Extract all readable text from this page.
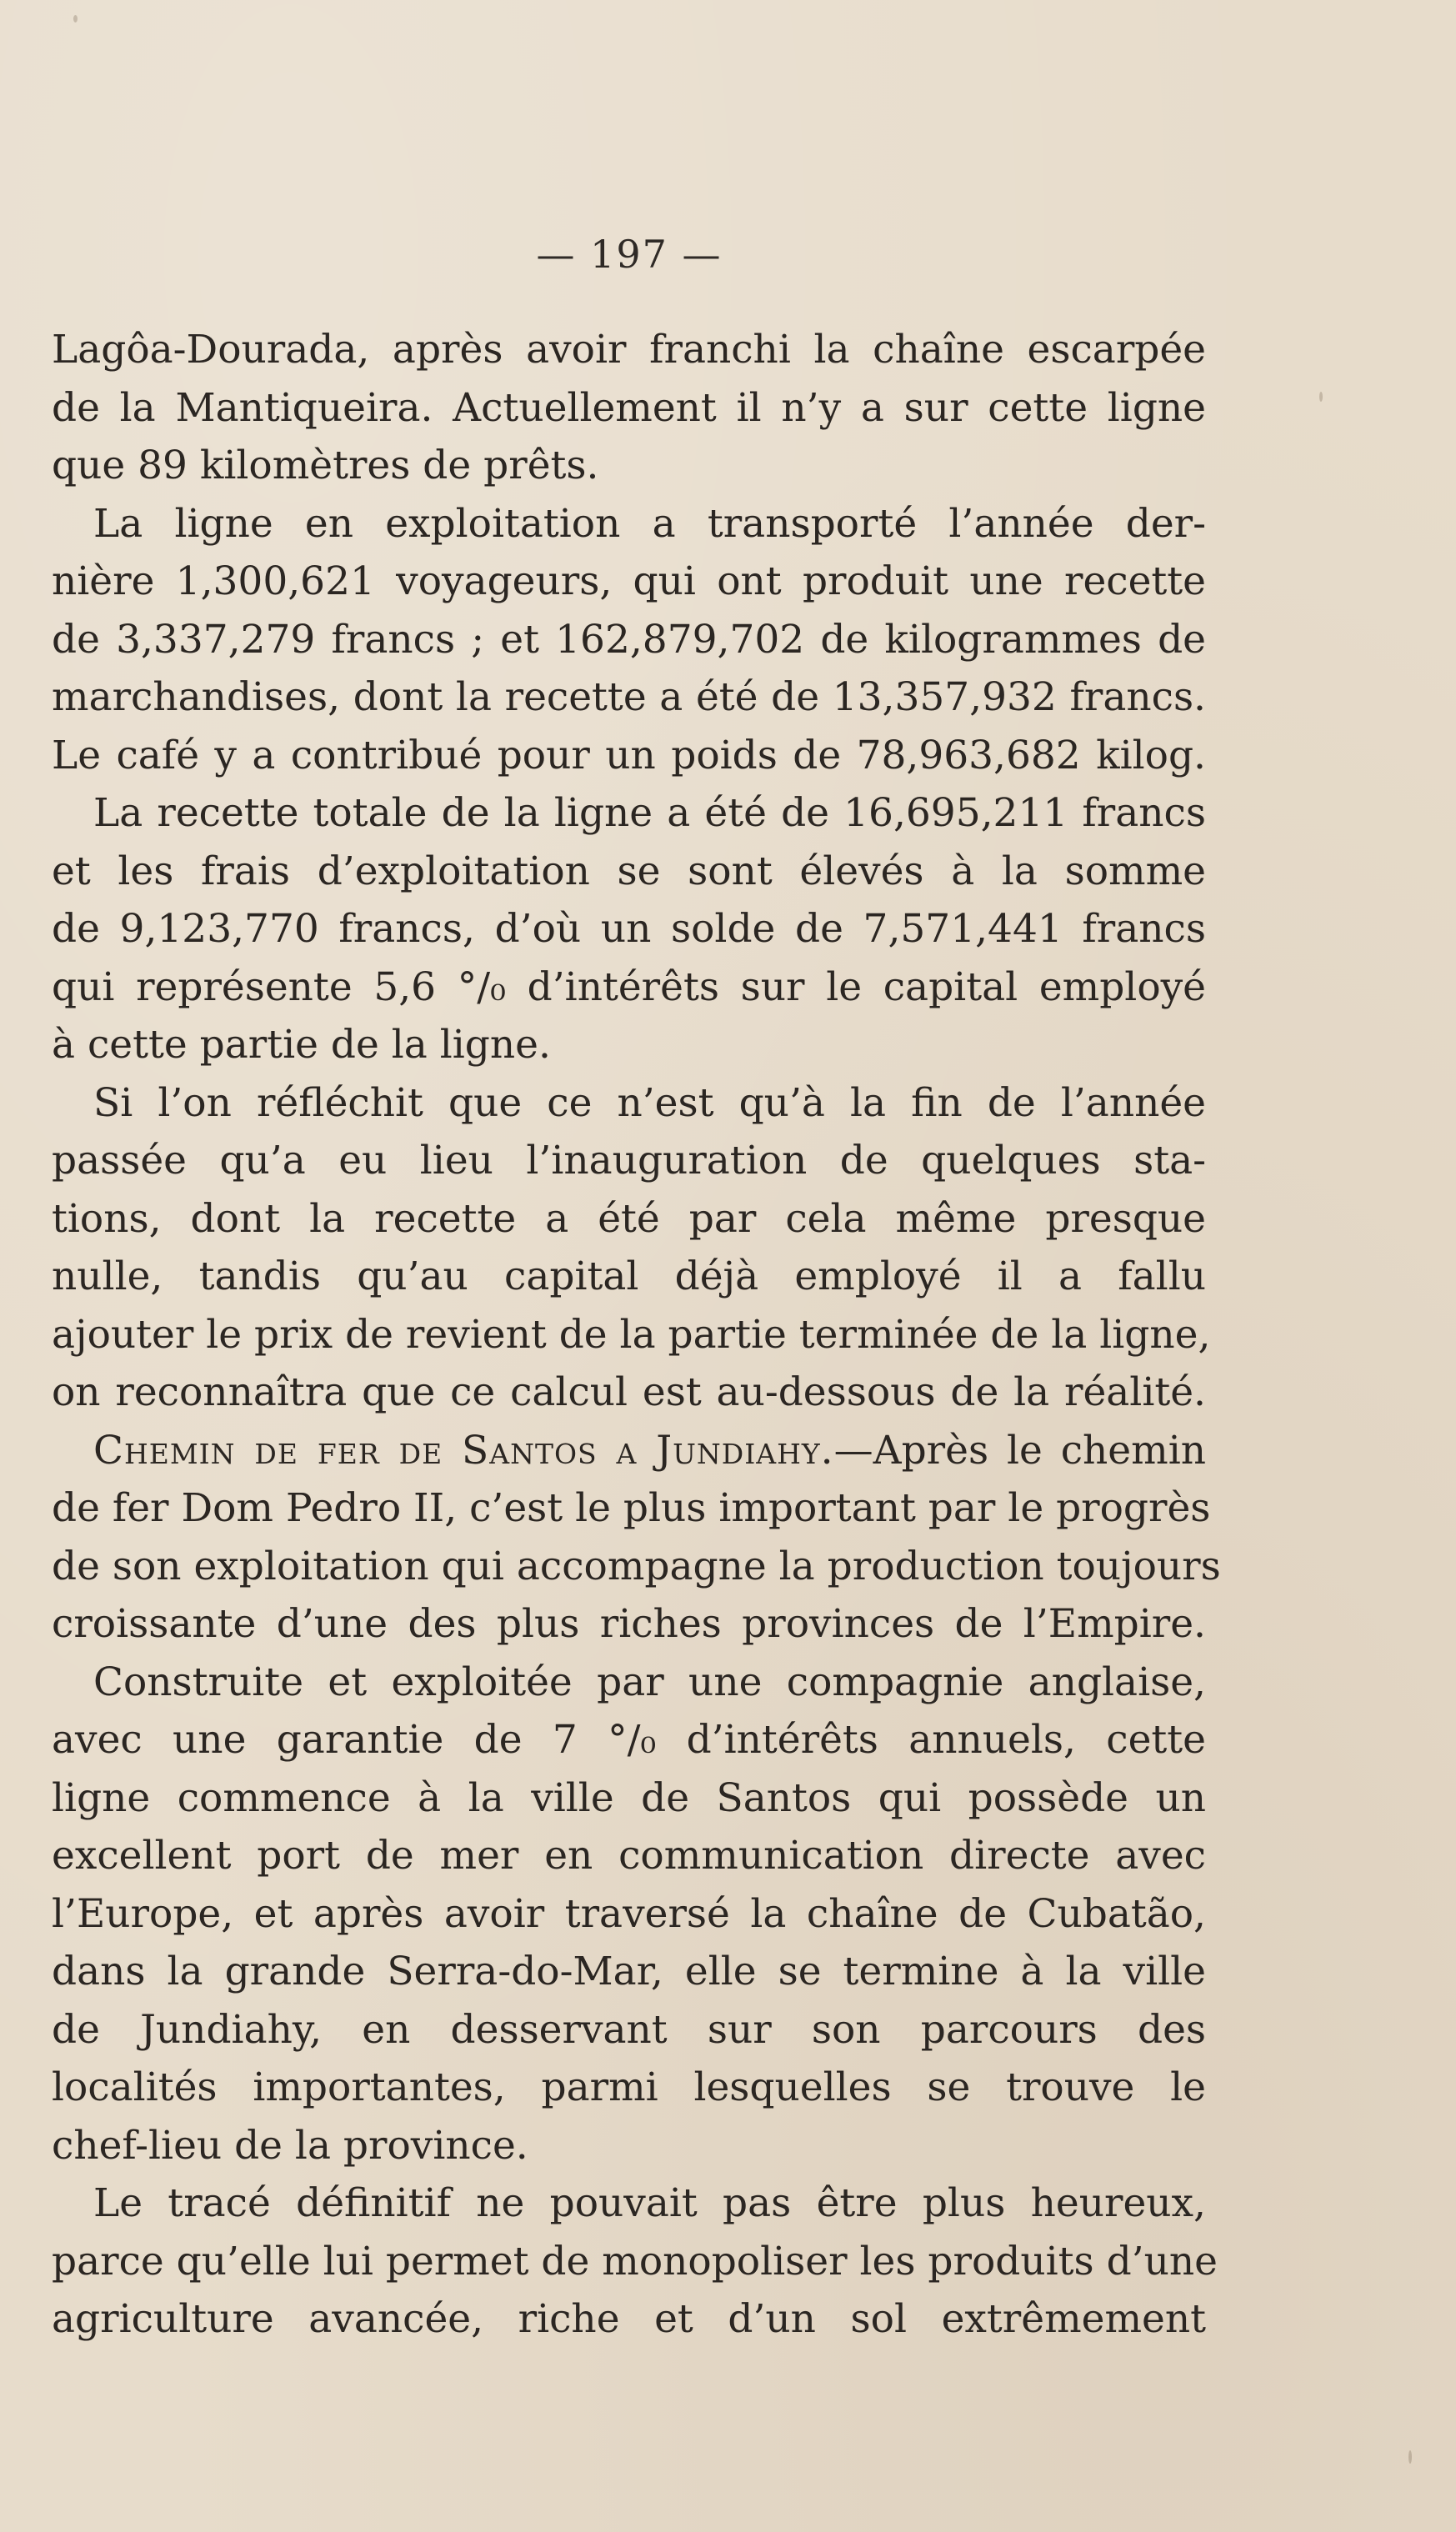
— 197 —
Lagôa-Dourada, après avoir franchi la chaîne escarpée
de la Mantiqueira. Actuellement il n’y a sur cette ligne
que 89 kilomètres de prêts.
La ligne en exploitation a transporté l’année der-
nière 1,300,621 voyageurs, qui ont produit une recette
de 3,337,279 francs ; et 162,879,702 de kilogrammes de
marchandises, dont la recette a été de 13,357,932 francs.
Le café y a contribué pour un poids de 78,963,682 kilog.
La recette totale de la ligne a été de 16,695,211 francs
et les frais d’exploitation se sont élevés à la somme
de 9,123,770 francs, d’où un solde de 7,571,441 francs
qui représente 5,6 °/₀ d’intérêts sur le capital employé
à cette partie de la ligne.
Si l’on réfléchit que ce n’est qu’à la fin de l’année
passée qu’a eu lieu l’inauguration de quelques sta-
tions, dont la recette a été par cela même presque
nulle, tandis qu’au capital déjà employé il a fallu
ajouter le prix de revient de la partie terminée de la ligne,
on reconnaîtra que ce calcul est au-dessous de la réalité.
Chemin de fer de Santos a Jundiahy.—Après le chemin
de fer Dom Pedro II, c’est le plus important par le progrès
de son exploitation qui accompagne la production toujours
croissante d’une des plus riches provinces de l’Empire.
Construite et exploitée par une compagnie anglaise,
avec une garantie de 7 °/₀ d’intérêts annuels, cette
ligne commence à la ville de Santos qui possède un
excellent port de mer en communication directe avec
l’Europe, et après avoir traversé la chaîne de Cubatão,
dans la grande Serra-do-Mar, elle se termine à la ville
de Jundiahy, en desservant sur son parcours des
localités importantes, parmi lesquelles se trouve le
chef-lieu de la province.
Le tracé définitif ne pouvait pas être plus heureux,
parce qu’elle lui permet de monopoliser les produits d’une
agriculture avancée, riche et d’un sol extrêmement
